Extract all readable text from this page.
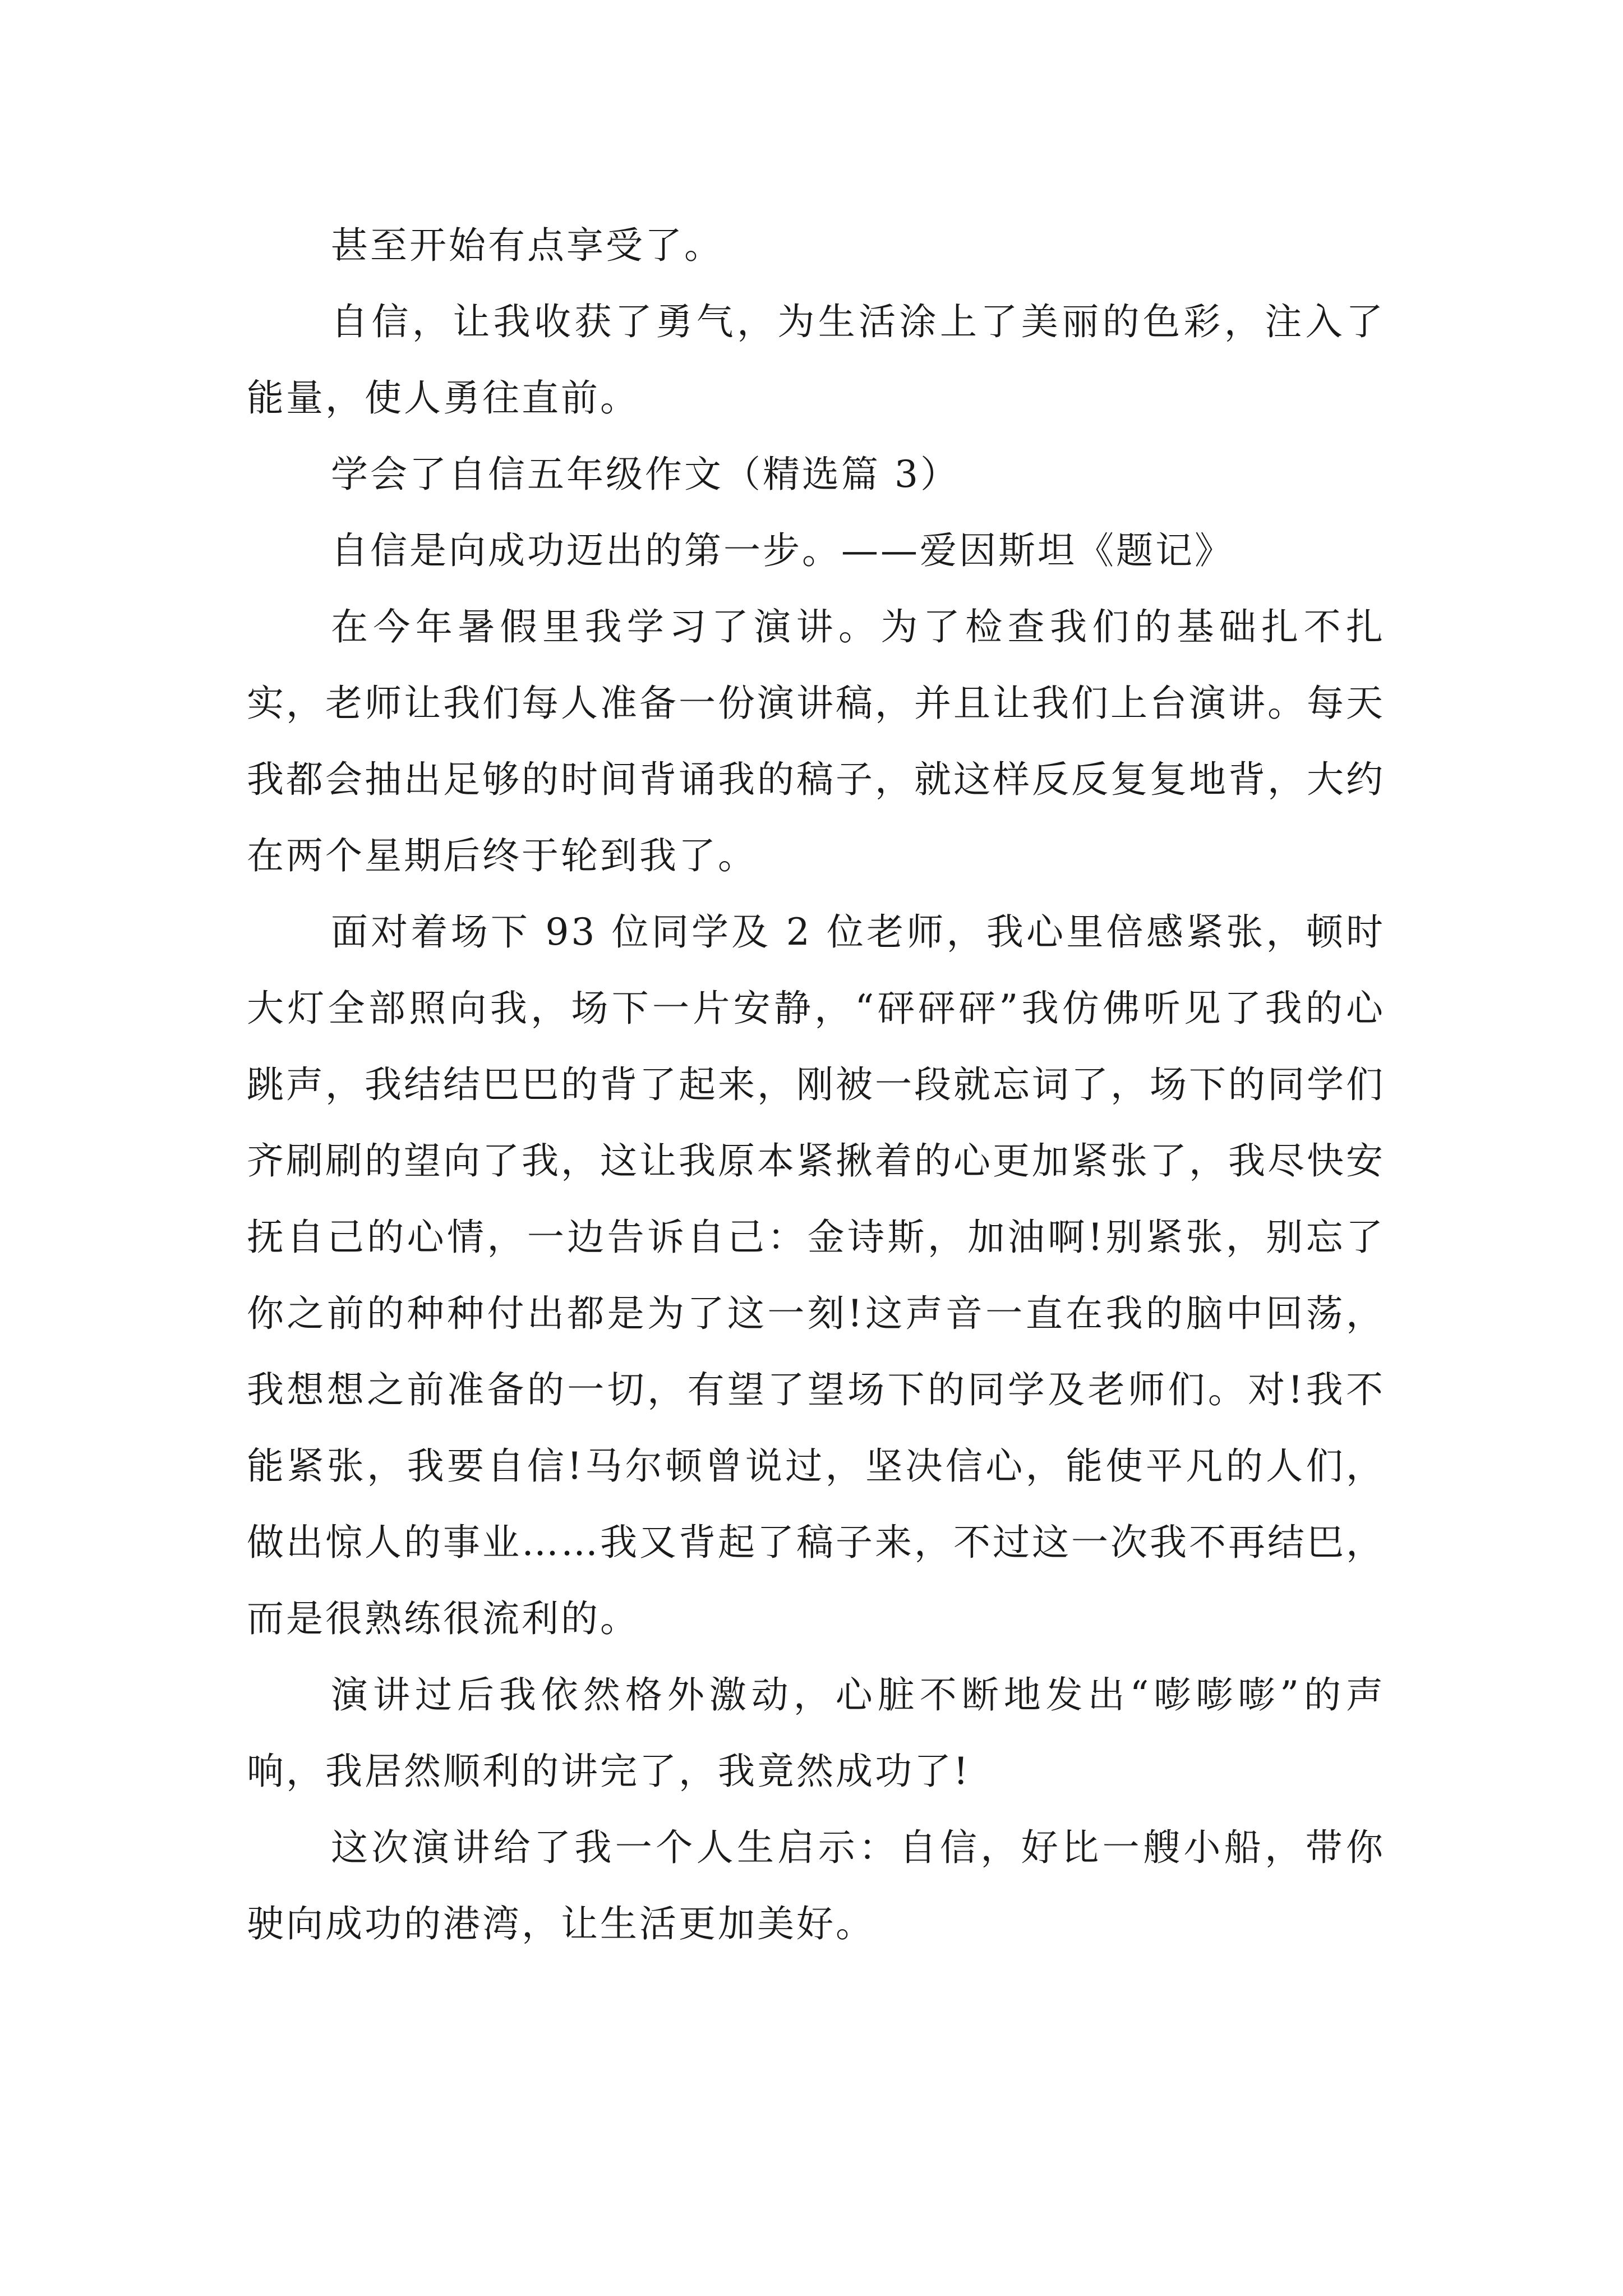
甚至开始有点享受了。

自信，让我收获了勇气，为生活涂上了美丽的色彩，注入了能量，使人勇往直前。

学会了自信五年级作文（精选篇 3）

自信是向成功迈出的第一步。——爱因斯坦《题记》

在今年暑假里我学习了演讲。为了检查我们的基础扎不扎实，老师让我们每人准备一份演讲稿，并且让我们上台演讲。每天我都会抽出足够的时间背诵我的稿子，就这样反反复复地背，大约在两个星期后终于轮到我了。

面对着场下 93 位同学及 2 位老师，我心里倍感紧张，顿时大灯全部照向我，场下一片安静，“砰砰砰”我仿佛听见了我的心跳声，我结结巴巴的背了起来，刚被一段就忘词了，场下的同学们齐刷刷的望向了我，这让我原本紧揪着的心更加紧张了，我尽快安抚自己的心情，一边告诉自己：金诗斯，加油啊!别紧张，别忘了你之前的种种付出都是为了这一刻!这声音一直在我的脑中回荡，我想想之前准备的一切，有望了望场下的同学及老师们。对!我不能紧张，我要自信!马尔顿曾说过，坚决信心，能使平凡的人们，做出惊人的事业……我又背起了稿子来，不过这一次我不再结巴，而是很熟练很流利的。

演讲过后我依然格外激动，心脏不断地发出“嘭嘭嘭”的声响，我居然顺利的讲完了，我竟然成功了!

这次演讲给了我一个人生启示：自信，好比一艘小船，带你驶向成功的港湾，让生活更加美好。
